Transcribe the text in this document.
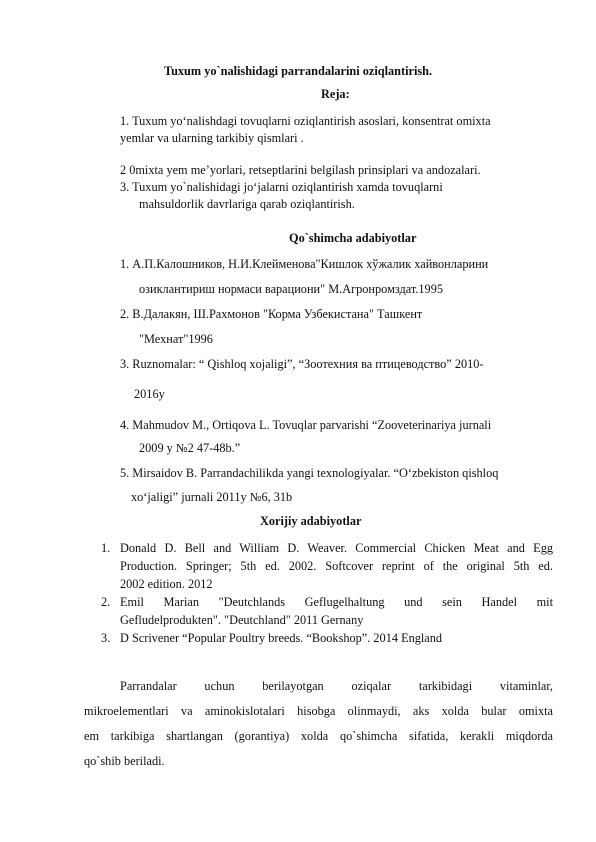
Tuxum yo`nalishidagi parrandalarini oziqlantirish.
Reja:
1. Tuxum yo‘nalishdagi tovuqlarni oziqlantirish asoslari, konsentrat omixta
yemlar va ularning tarkibiy qismlari .
2 0mixta yem me’yorlari, retseptlarini belgilash prinsiplari va andozalari.
3. Tuxum yo`nalishidagi jo‘jalarni oziqlantirish xamda tovuqlarni
mahsuldorlik davrlariga qarab oziqlantirish.
Qo`shimcha adabiyotlar
1. А.П.Калошников, Н.И.Клейменова"Кишлок хўжалик хайвонларини
озиклантириш нормаси варациони" М.Агронромздат.1995
2. В.Далакян, Ш.Рахмонов "Корма Узбекистана" Ташкент
"Мехнат"1996
3. Ruznomalar: “ Qishloq xojaligi”, “Зоотехния ва птицеводство” 2010-
2016y
4. Mahmudov M., Ortiqova L. Tovuqlar parvarishi “Zooveterinariya jurnali
2009 y №2 47-48b.”
5. Mirsaidov B. Parrandachilikda yangi texnologiyalar. “O‘zbekiston qishloq
xo‘jaligi” jurnali 2011y №6, 31b
Xorijiy adabiyotlar
1. Donald D. Bell and William D. Weaver. Commercial Chicken Meat and Egg
Production. Springer; 5th ed. 2002. Softcover reprint of the original 5th ed.
2002 edition. 2012
2. Emil Marian "Deutchlands Geflugelhaltung und sein Handel mit
Gefludelprodukten". "Deutchland" 2011 Gernany
3. D Scrivener “Popular Poultry breeds. “Bookshop”. 2014 England
Parrandalar uchun berilayotgan oziqalar tarkibidagi vitaminlar,
mikroelementlari va aminokislotalari hisobga olinmaydi, aks xolda bular omixta
em tarkibiga shartlangan (gorantiya) xolda qo`shimcha sifatida, kerakli miqdorda
qo`shib beriladi.
